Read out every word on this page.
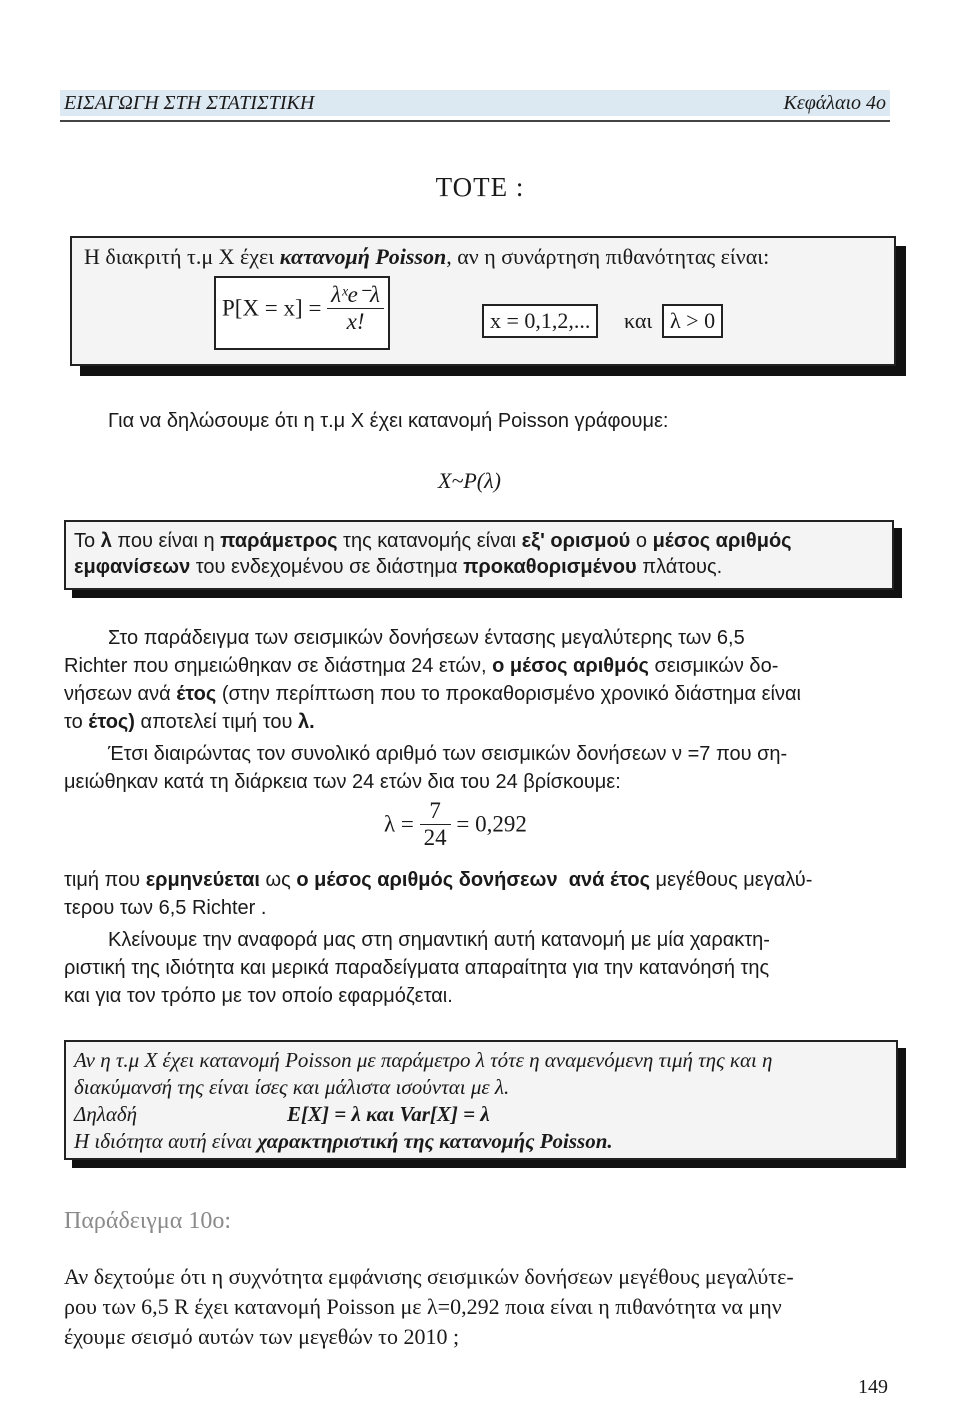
ΕΙΣΑΓΩΓΗ ΣΤΗ ΣΤΑΤΙΣΤΙΚΗ	Κεφάλαιο 4ο
ΤΟΤΕ :
Η διακριτή τ.μ Χ έχει κατανομή Poisson, αν η συνάρτηση πιθανότητας είναι:
$P[X = x] = \frac{\text{λˣe⁻λ}}{x!}$	x = 0,1,2,...	και λ > 0
Για να δηλώσουμε ότι η τ.μ Χ έχει κατανομή Poisson γράφουμε:
X~P(λ)
Το λ που είναι η παράμετρος της κατανομής είναι εξ' ορισμού ο μέσος αριθμός
εμφανίσεων του ενδεχομένου σε διάστημα προκαθορισμένου πλάτους.
Στο παράδειγμα των σεισμικών δονήσεων έντασης μεγαλύτερης των 6,5
Richter που σημειώθηκαν σε διάστημα 24 ετών, ο μέσος αριθμός σεισμικών δο-
νήσεων ανά έτος (στην περίπτωση που το προκαθορισμένο χρονικό διάστημα είναι
το έτος) αποτελεί τιμή του λ.
Έτσι διαιρώντας τον συνολικό αριθμό των σεισμικών δονήσεων ν =7 που ση-
μειώθηκαν κατά τη διάρκεια των 24 ετών δια του 24 βρίσκουμε:
$\lambda = \frac{7}{24} = 0,292$
τιμή που ερμηνεύεται ως ο μέσος αριθμός δονήσεων ανά έτος μεγέθους μεγαλύ-
τερου των 6,5 Richter .
Κλείνουμε την αναφορά μας στη σημαντική αυτή κατανομή με μία χαρακτη-
ριστική της ιδιότητα και μερικά παραδείγματα απαραίτητα για την κατανόησή της
και για τον τρόπο με τον οποίο εφαρμόζεται.
Αν η τ.μ Χ έχει κατανομή Poisson με παράμετρο λ τότε η αναμενόμενη τιμή της και η
διακύμανσή της είναι ίσες και μάλιστα ισούνται με λ.
Δηλαδή	E[X] = λ και Var[X] = λ
Η ιδιότητα αυτή είναι χαρακτηριστική της κατανομής Poisson.
Παράδειγμα 10ο:
Αν δεχτούμε ότι η συχνότητα εμφάνισης σεισμικών δονήσεων μεγέθους μεγαλύτε-
ρου των 6,5 R έχει κατανομή Poisson με λ=0,292 ποια είναι η πιθανότητα να μην
έχουμε σεισμό αυτών των μεγεθών το 2010 ;
149
